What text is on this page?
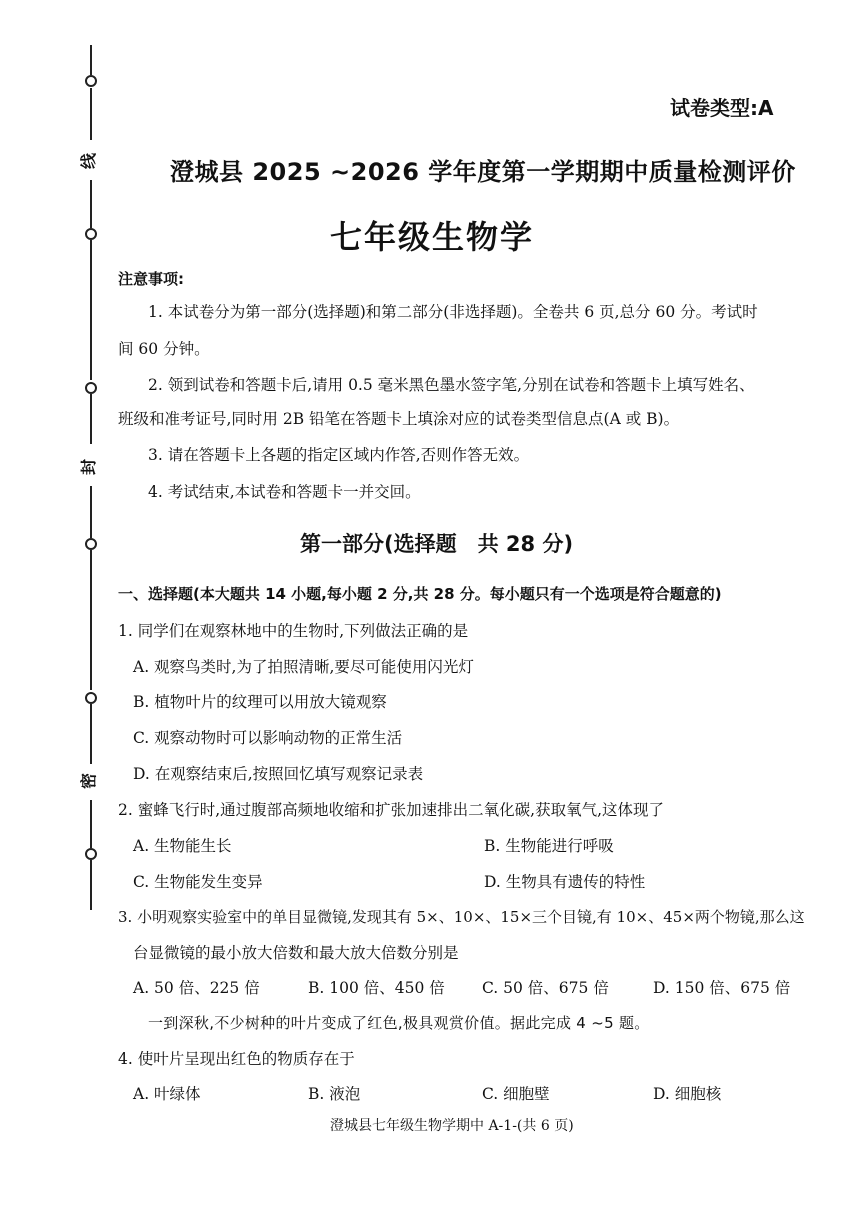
线
封
密
试卷类型:A
澄城县 2025 ~2026 学年度第一学期期中质量检测评价
七年级生物学
注意事项:
1. 本试卷分为第一部分(选择题)和第二部分(非选择题)。全卷共 6 页,总分 60 分。考试时
间 60 分钟。
2. 领到试卷和答题卡后,请用 0.5 毫米黑色墨水签字笔,分别在试卷和答题卡上填写姓名、
班级和准考证号,同时用 2B 铅笔在答题卡上填涂对应的试卷类型信息点(A 或 B)。
3. 请在答题卡上各题的指定区域内作答,否则作答无效。
4. 考试结束,本试卷和答题卡一并交回。
第一部分(选择题　共 28 分)
一、选择题(本大题共 14 小题,每小题 2 分,共 28 分。每小题只有一个选项是符合题意的)
1. 同学们在观察林地中的生物时,下列做法正确的是
A. 观察鸟类时,为了拍照清晰,要尽可能使用闪光灯
B. 植物叶片的纹理可以用放大镜观察
C. 观察动物时可以影响动物的正常生活
D. 在观察结束后,按照回忆填写观察记录表
2. 蜜蜂飞行时,通过腹部高频地收缩和扩张加速排出二氧化碳,获取氧气,这体现了
A. 生物能生长	B. 生物能进行呼吸
C. 生物能发生变异	D. 生物具有遗传的特性
3. 小明观察实验室中的单目显微镜,发现其有 5×、10×、15×三个目镜,有 10×、45×两个物镜,那么这
台显微镜的最小放大倍数和最大放大倍数分别是
A. 50 倍、225 倍	B. 100 倍、450 倍 C. 50 倍、675 倍	D. 150 倍、675 倍
一到深秋,不少树种的叶片变成了红色,极具观赏价值。据此完成 4 ~5 题。
4. 使叶片呈现出红色的物质存在于
A. 叶绿体	B. 液泡	C. 细胞壁	D. 细胞核
澄城县七年级生物学期中 A-1-(共 6 页)
